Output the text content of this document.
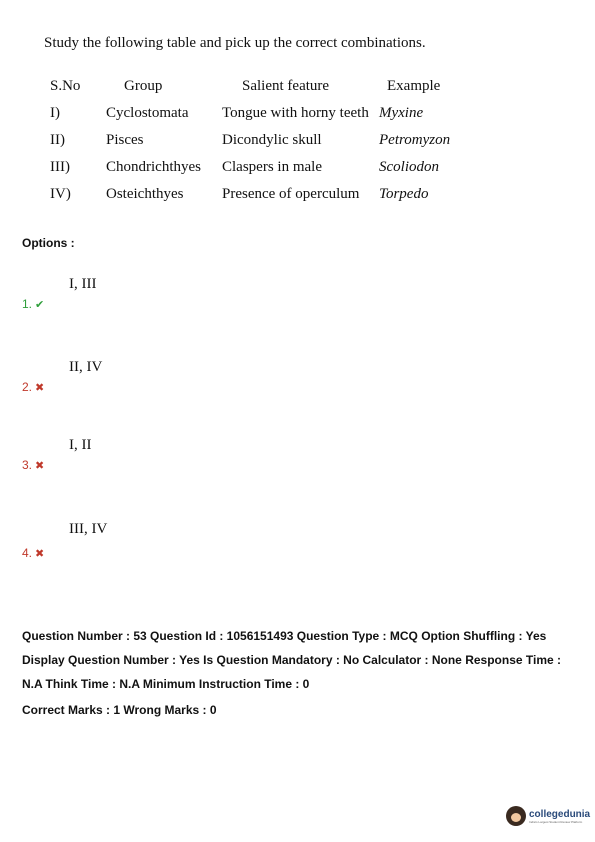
Study the following table and pick up the correct combinations.
S.No	Group	Salient feature	Example
I)	Cyclostomata	Tongue with horny teeth	Myxine
II)	Pisces	Dicondylic skull	Petromyzon
III)	Chondrichthyes	Claspers in male	Scoliodon
IV)	Osteichthyes	Presence of operculum	Torpedo
Options :
I, III
1. ✔
II, IV
2. ✖
I, II
3. ✖
III, IV
4. ✖

Question Number : 53 Question Id : 1056151493 Question Type : MCQ Option Shuffling : Yes Display Question Number : Yes Is Question Mandatory : No Calculator : None Response Time : N.A Think Time : N.A Minimum Instruction Time : 0

Correct Marks : 1 Wrong Marks : 0

collegedunia
India's Largest Student Review Platform
